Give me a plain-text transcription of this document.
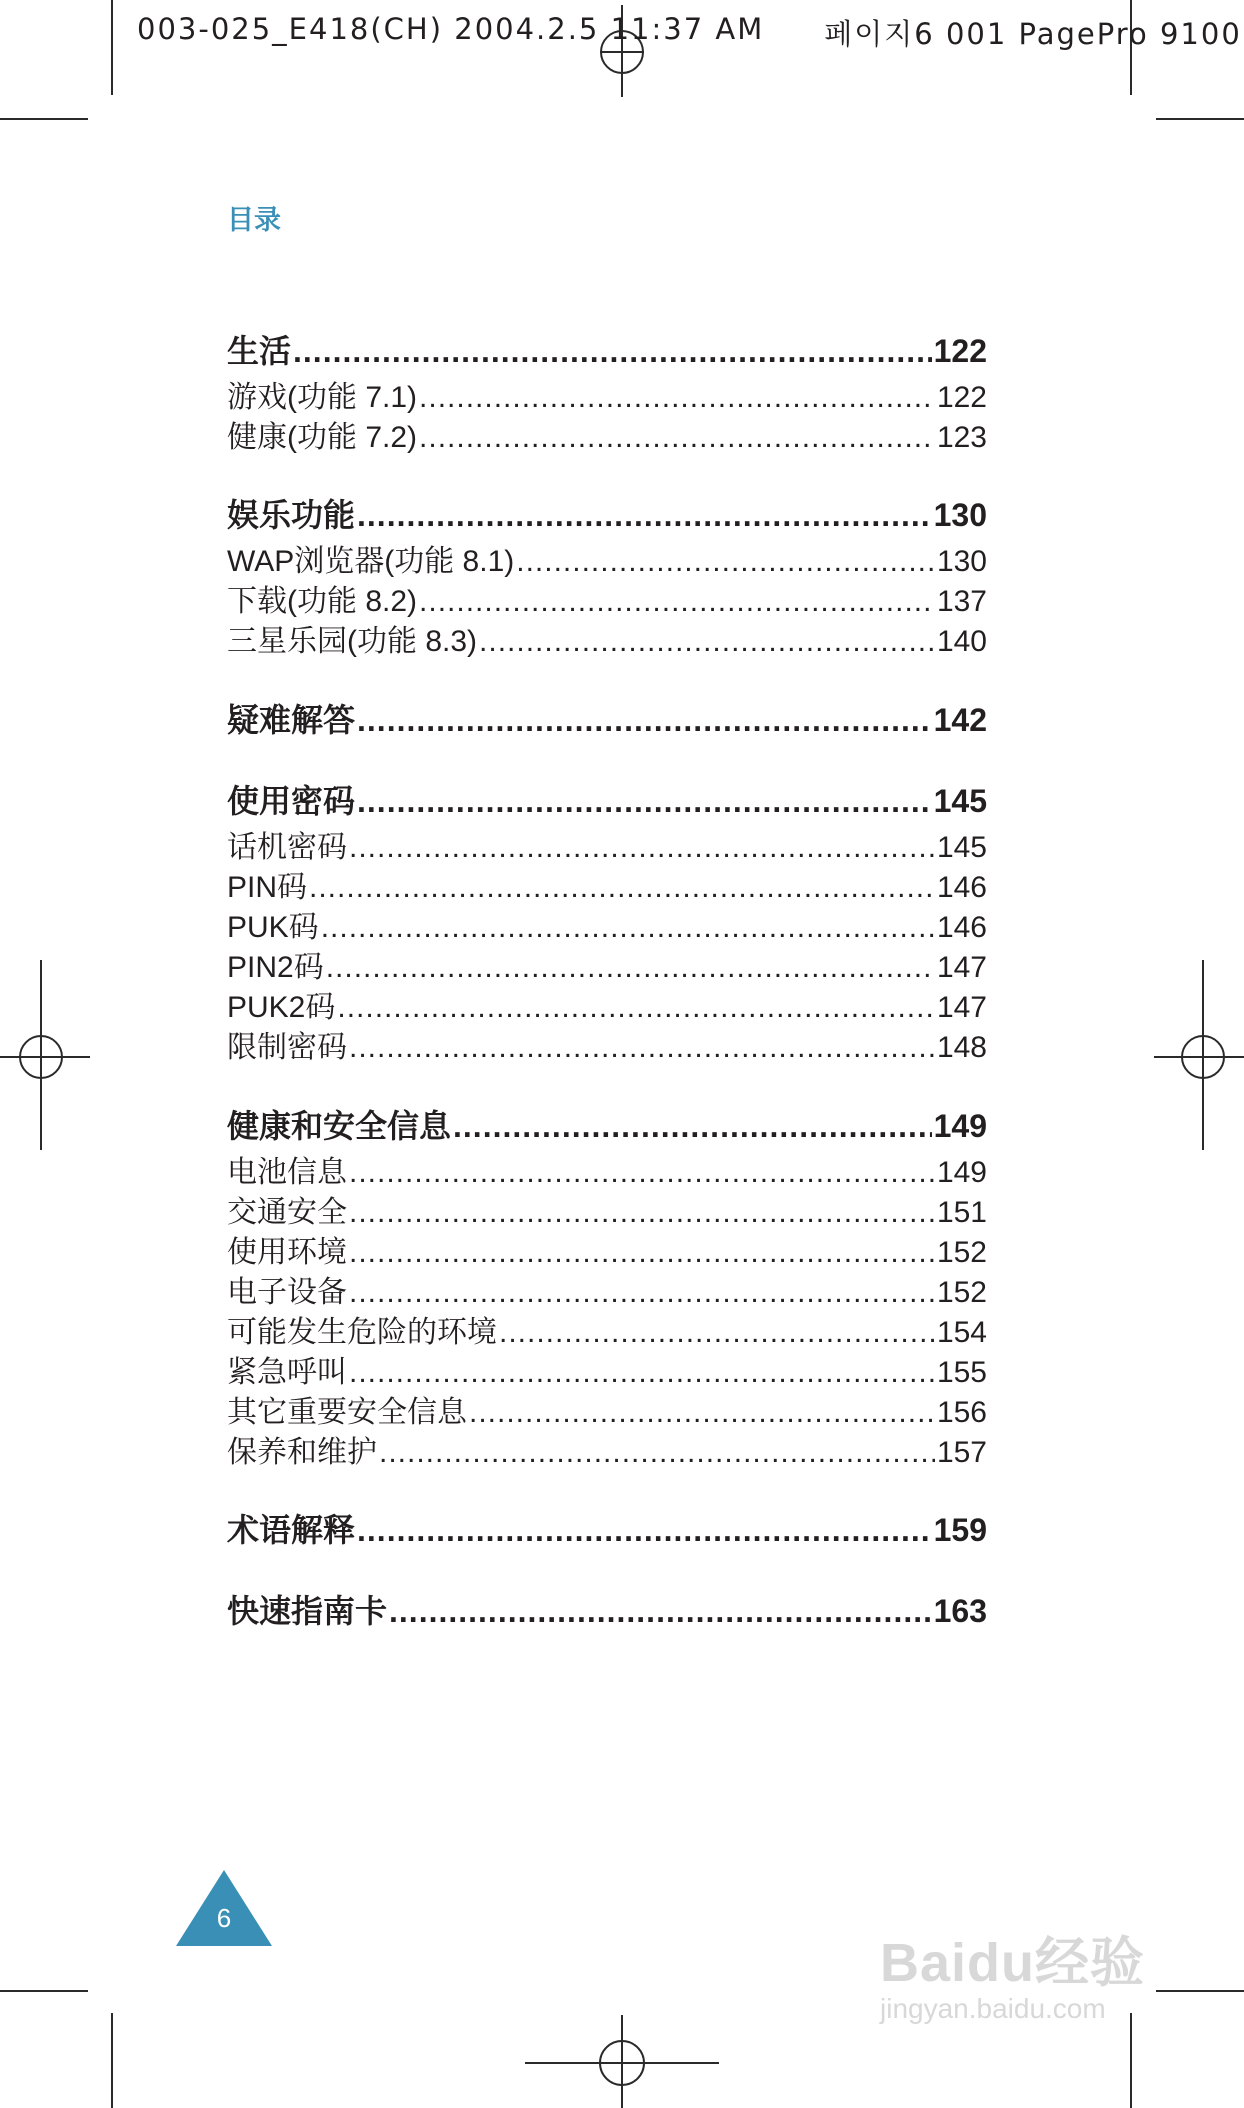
003-025_E418(CH) 2004.2.5 11:37 AM 페이지6 001 PagePro 9100
目录
生活 .....	122
游戏(功能 7.1) .....	122
健康(功能 7.2) .....	123
娱乐功能 .....	130
WAP浏览器(功能 8.1) .....	130
下载(功能 8.2) .....	137
三星乐园(功能 8.3) .....	140
疑难解答 .....	142
使用密码 .....	145
话机密码 .....	145
PIN码 .....	146
PUK码 .....	146
PIN2码 .....	147
PUK2码 .....	147
限制密码 .....	148
健康和安全信息 .....	149
电池信息 .....	149
交通安全 .....	151
使用环境 .....	152
电子设备 .....	152
可能发生危险的环境 .....	154
紧急呼叫 .....	155
其它重要安全信息 .....	156
保养和维护 .....	157
术语解释 .....	159
快速指南卡 .....	163
6
Baidu经验
jingyan.baidu.com
